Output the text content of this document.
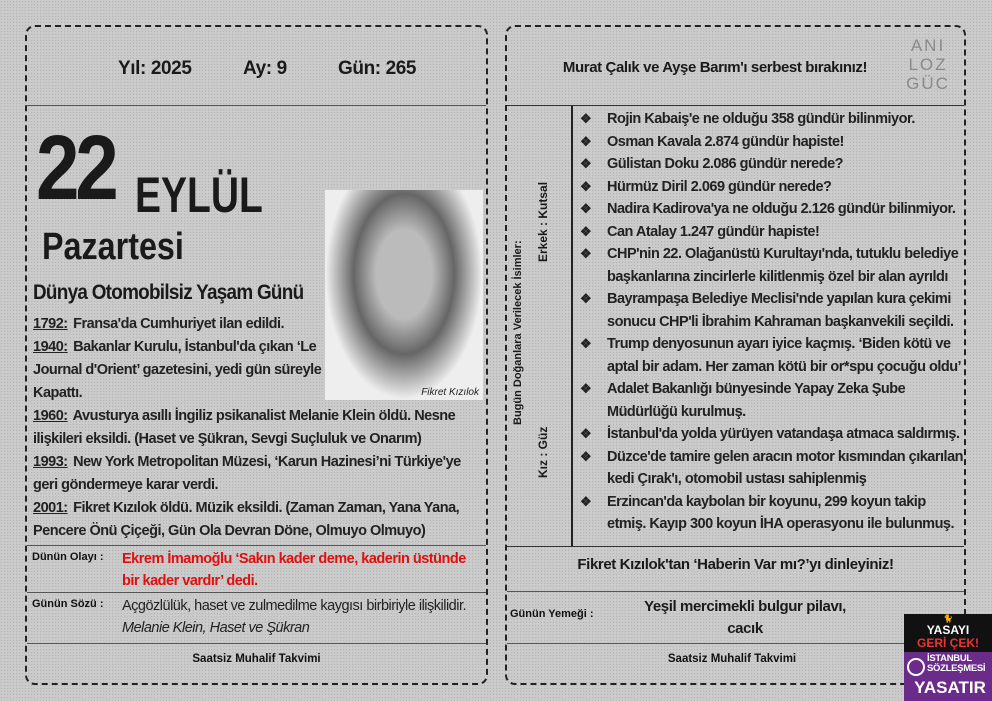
Yıl: 2025	Ay: 9	Gün: 265
22 EYLÜL
Pazartesi
Dünya Otomobilsiz Yaşam Günü
Fikret Kızılok
1792: Fransa'da Cumhuriyet ilan edildi.
1940: Bakanlar Kurulu, İstanbul'da çıkan ‘Le Journal d'Orient’ gazetesini, yedi gün süreyle Kapattı.
1960: Avusturya asıllı İngiliz psikanalist Melanie Klein öldü. Nesne ilişkileri eksildi. (Haset ve Şükran, Sevgi Suçluluk ve Onarım)
1993: New York Metropolitan Müzesi, ‘Karun Hazinesi’ni Türkiye'ye geri göndermeye karar verdi.
2001: Fikret Kızılok öldü. Müzik eksildi. (Zaman Zaman, Yana Yana, Pencere Önü Çiçeği, Gün Ola Devran Döne, Olmuyo Olmuyo)
Dünün Olayı : Ekrem İmamoğlu ‘Sakın kader deme, kaderin üstünde bir kader vardır’ dedi.
Günün Sözü : Açgözlülük, haset ve zulmedilme kaygısı birbiriyle ilişkilidir. Melanie Klein, Haset ve Şükran
Saatsiz Muhalif Takvimi
Murat Çalık ve Ayşe Barım'ı serbest bırakınız!
ANI LOZ GÜC
Bugün Doğanlara Verilecek İsimler:
Erkek : Kutsal
Kız : Güz
❖ Rojin Kabaiş'e ne olduğu 358 gündür bilinmiyor.
❖ Osman Kavala 2.874 gündür hapiste!
❖ Gülistan Doku 2.086 gündür nerede?
❖ Hürmüz Diril 2.069 gündür nerede?
❖ Nadira Kadirova'ya ne olduğu 2.126 gündür bilinmiyor.
❖ Can Atalay 1.247 gündür hapiste!
❖ CHP'nin 22. Olağanüstü Kurultayı'nda, tutuklu belediye başkanlarına zincirlerle kilitlenmiş özel bir alan ayrıldı
❖ Bayrampaşa Belediye Meclisi'nde yapılan kura çekimi sonucu CHP'li İbrahim Kahraman başkanvekili seçildi.
❖ Trump denyosunun ayarı iyice kaçmış. ‘Biden kötü ve aptal bir adam. Her zaman kötü bir or*spu çocuğu oldu’
❖ Adalet Bakanlığı bünyesinde Yapay Zeka Şube Müdürlüğü kurulmuş.
❖ İstanbul'da yolda yürüyen vatandaşa atmaca saldırmış.
❖ Düzce'de tamire gelen aracın motor kısmından çıkarılan kedi Çırak'ı, otomobil ustası sahiplenmiş
❖ Erzincan'da kaybolan bir koyunu, 299 koyun takip etmiş. Kayıp 300 koyun İHA operasyonu ile bulunmuş.
Fikret Kızılok'tan ‘Haberin Var mı?’yı dinleyiniz!
Günün Yemeği :	Yeşil mercimekli bulgur pilavı, cacık
Saatsiz Muhalif Takvimi
🐈
YASAYI
GERİ ÇEK!
İSTANBUL SÖZLEŞMESİ
YASATIR
